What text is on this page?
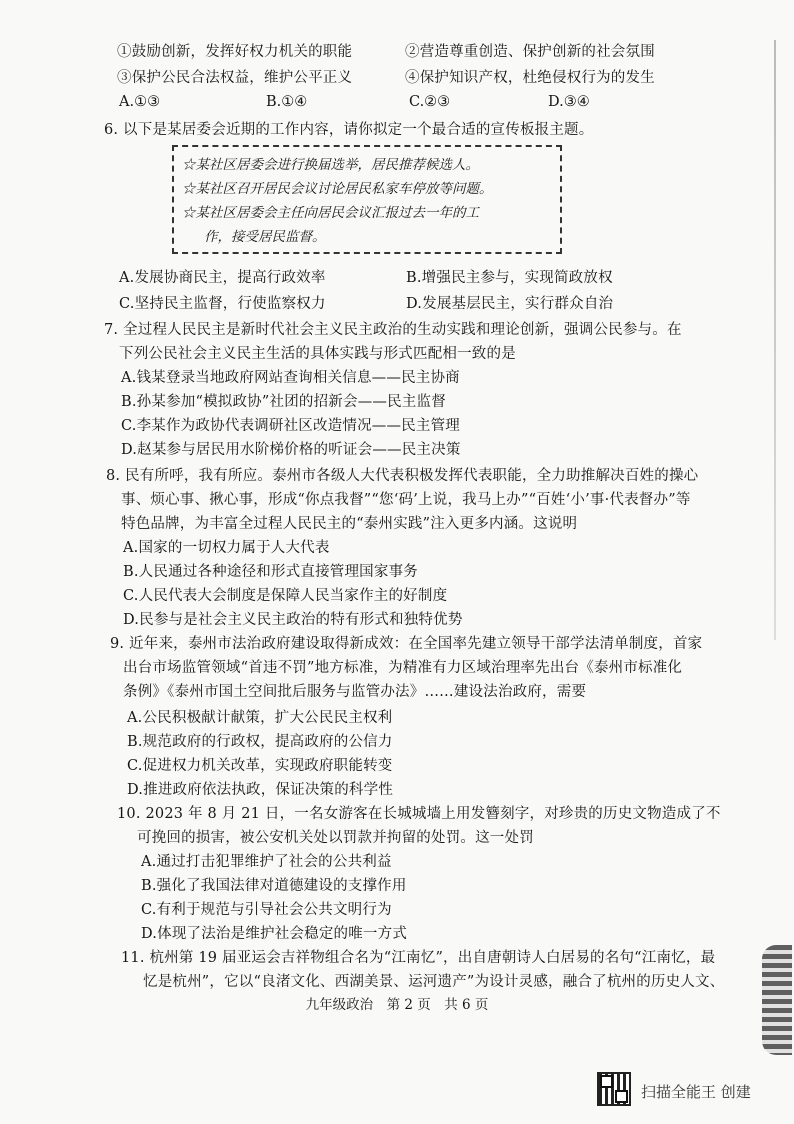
①鼓励创新，发挥好权力机关的职能	②营造尊重创造、保护创新的社会氛围
③保护公民合法权益，维护公平正义	④保护知识产权，杜绝侵权行为的发生
A.①③	B.①④	C.②③	D.③④
6. 以下是某居委会近期的工作内容，请你拟定一个最合适的宣传板报主题。
☆某社区居委会进行换届选举，居民推荐候选人。
☆某社区召开居民会议讨论居民私家车停放等问题。
☆某社区居委会主任向居民会议汇报过去一年的工
作，接受居民监督。
A.发展协商民主，提高行政效率	B.增强民主参与，实现简政放权
C.坚持民主监督，行使监察权力	D.发展基层民主，实行群众自治
7. 全过程人民民主是新时代社会主义民主政治的生动实践和理论创新，强调公民参与。在
下列公民社会主义民主生活的具体实践与形式匹配相一致的是
A.钱某登录当地政府网站查询相关信息——民主协商
B.孙某参加“模拟政协”社团的招新会——民主监督
C.李某作为政协代表调研社区改造情况——民主管理
D.赵某参与居民用水阶梯价格的听证会——民主决策
8. 民有所呼，我有所应。泰州市各级人大代表积极发挥代表职能，全力助推解决百姓的操心
事、烦心事、揪心事，形成“你点我督”“您‘码’上说，我马上办”“百姓‘小’事·代表督办”等
特色品牌，为丰富全过程人民民主的“泰州实践”注入更多内涵。这说明
A.国家的一切权力属于人大代表
B.人民通过各种途径和形式直接管理国家事务
C.人民代表大会制度是保障人民当家作主的好制度
D.民参与是社会主义民主政治的特有形式和独特优势
9. 近年来，泰州市法治政府建设取得新成效：在全国率先建立领导干部学法清单制度，首家
出台市场监管领域“首违不罚”地方标准，为精准有力区域治理率先出台《泰州市标准化
条例》《泰州市国土空间批后服务与监管办法》……建设法治政府，需要
A.公民积极献计献策，扩大公民民主权利
B.规范政府的行政权，提高政府的公信力
C.促进权力机关改革，实现政府职能转变
D.推进政府依法执政，保证决策的科学性
10. 2023 年 8 月 21 日，一名女游客在长城城墙上用发簪刻字，对珍贵的历史文物造成了不
可挽回的损害，被公安机关处以罚款并拘留的处罚。这一处罚
A.通过打击犯罪维护了社会的公共利益
B.强化了我国法律对道德建设的支撑作用
C.有利于规范与引导社会公共文明行为
D.体现了法治是维护社会稳定的唯一方式
11. 杭州第 19 届亚运会吉祥物组合名为“江南忆”，出自唐朝诗人白居易的名句“江南忆，最
忆是杭州”，它以“良渚文化、西湖美景、运河遗产”为设计灵感，融合了杭州的历史人文、
九年级政治　第 2 页　共 6 页
扫描全能王 创建
